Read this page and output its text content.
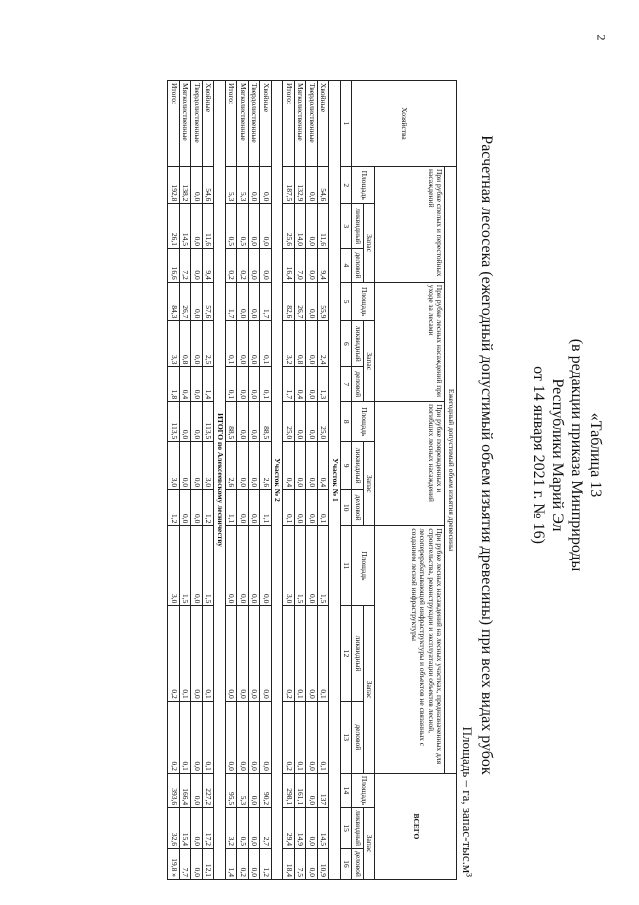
2
«Таблица 13
(в редакции приказа Минприроды
Республики Марий Эл
от 14 января 2021 г. № 16)
Расчетная лесосека (ежегодный допустимый объем изъятия древесины) при всех видах рубок
Площадь – га, запас-тыс.м³
Хозяйства	Ежегодный допустимый объем изъятия древесины												ВСЕГО		
	При рубке спелых и перестойных насаждений			При рубке лесных насаждений при уходе за лесами			При рубке поврежденных и погибших лесных насаждений			При рубке лесных насаждений на лесных участках, предназначенных для строительства, реконструкции и эксплуатации объектов лесной, лесоперерабатывающей инфраструктуры и объектов не связанных с созданием лесной инфраструктуры					
	Площадь	Запас		Площадь	Запас		Площадь	Запас		Площадь	Запас		Площадь	Запас	
		ликвидный	деловой		ликвидный	деловой		ликвидный	деловой		ликвидный	деловой		ликвидный	деловой
1	2	3	4	5	6	7	8	9	10	11	12	13	14	15	16
Участок № 1															
Хвойные	54,6	11,6	9,4	55,9	2,4	1,3	25,0	0,4	0,1	1,5	0,1	0,1	137	14,5	10,9
Твердолиственные	0,0	0,0	0,0	0,0	0,0	0,0	0,0	0,0	0,0	0,0	0,0	0,0	0,0	0,0	0,0
Мягколиственные	132,9	14,0	7,0	26,7	0,8	0,4	0,0	0,0	0,0	1,5	0,1	0,1	161,1	14,9	7,5
Итого:	187,5	25,6	16,4	82,6	3,2	1,7	25,0	0,4	0,1	3,0	0,2	0,2	298,1	29,4	18,4
Участок № 2															
Хвойные	0,0	0,0	0,0	1,7	0,1	0,1	88,5	2,6	1,1	0,0	0,0	0,0	90,2	2,7	1,2
Твердолиственные	0,0	0,0	0,0	0,0	0,0	0,0	0,0	0,0	0,0	0,0	0,0	0,0	0,0	0,0	0,0
Мягколиственные	5,3	0,5	0,2	0,0	0,0	0,0	0,0	0,0	0,0	0,0	0,0	0,0	5,3	0,5	0,2
Итого:	5,3	0,5	0,2	1,7	0,1	0,1	88,5	2,6	1,1	0,0	0,0	0,0	95,5	3,2	1,4
ИТОГО по Алексеевскому лесничеству															
Хвойные	54,6	11,6	9,4	57,6	2,5	1,4	113,5	3,0	1,2	1,5	0,1	0,1	227,2	17,2	12,1
Твердолиственные	0,0	0,0	0,0	0,0	0,0	0,0	0,0	0,0	0,0	0,0	0,0	0,0	0,0	0,0	0,0
Мягколиственные	138,2	14,5	7,2	26,7	0,8	0,4	0,0	0,0	0,0	1,5	0,1	0,1	166,4	15,4	7,7
Итого:	192,8	26,1	16,6	84,3	3,3	1,8	113,5	3,0	1,2	3,0	0,2	0,2	393,6	32,6	19,8 »
